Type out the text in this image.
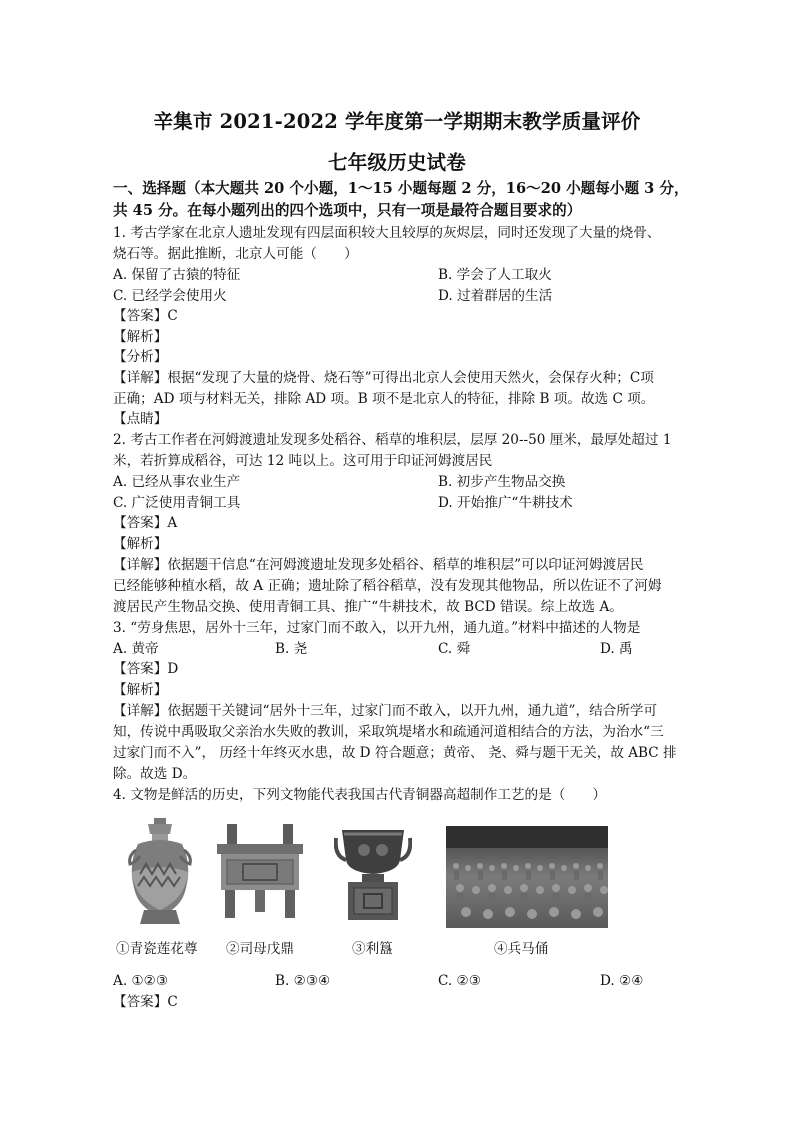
辛集市 2021-2022 学年度第一学期期末教学质量评价
七年级历史试卷
一、选择题（本大题共 20 个小题，1～15 小题每题 2 分，16～20 小题每小题 3 分，
共 45 分。在每小题列出的四个选项中，只有一项是最符合题目要求的）
1. 考古学家在北京人遗址发现有四层面积较大且较厚的灰烬层，同时还发现了大量的烧骨、
烧石等。据此推断，北京人可能（　　）
A. 保留了古猿的特征	B. 学会了人工取火
C. 已经学会使用火	D. 过着群居的生活
【答案】C
【解析】
【分析】
【详解】根据“发现了大量的烧骨、烧石等”可得出北京人会使用天然火，会保存火种；C项
正确；AD 项与材料无关，排除 AD 项。B 项不是北京人的特征，排除 B 项。故选 C 项。
【点睛】
2. 考古工作者在河姆渡遗址发现多处稻谷、稻草的堆积层，层厚 20--50 厘米，最厚处超过 1
米，若折算成稻谷，可达 12 吨以上。这可用于印证河姆渡居民
A. 已经从事农业生产	B. 初步产生物品交换
C. 广泛使用青铜工具	D. 开始推广“牛耕技术
【答案】A
【解析】
【详解】依据题干信息“在河姆渡遗址发现多处稻谷、稻草的堆积层”可以印证河姆渡居民
已经能够种植水稻，故 A 正确；遗址除了稻谷稻草，没有发现其他物品，所以佐证不了河姆
渡居民产生物品交换、使用青铜工具、推广“牛耕技术，故 BCD 错误。综上故选 A。
3. “劳身焦思，居外十三年，过家门而不敢入，以开九州，通九道。”材料中描述的人物是
A. 黄帝	B. 尧	C. 舜	D. 禹
【答案】D
【解析】
【详解】依据题干关键词“居外十三年，过家门而不敢入，以开九州，通九道”，结合所学可
知，传说中禹吸取父亲治水失败的教训，采取筑堤堵水和疏通河道相结合的方法，为治水“三
过家门而不入”， 历经十年终灭水患，故 D 符合题意；黄帝、 尧、舜与题干无关，故 ABC 排
除。故选 D。
4. 文物是鲜活的历史，下列文物能代表我国古代青铜器高超制作工艺的是（　　）
①青瓷莲花尊 ②司母戊鼎	③利簋	④兵马俑
A. ①②③	B. ②③④	C. ②③	D. ②④
【答案】C
